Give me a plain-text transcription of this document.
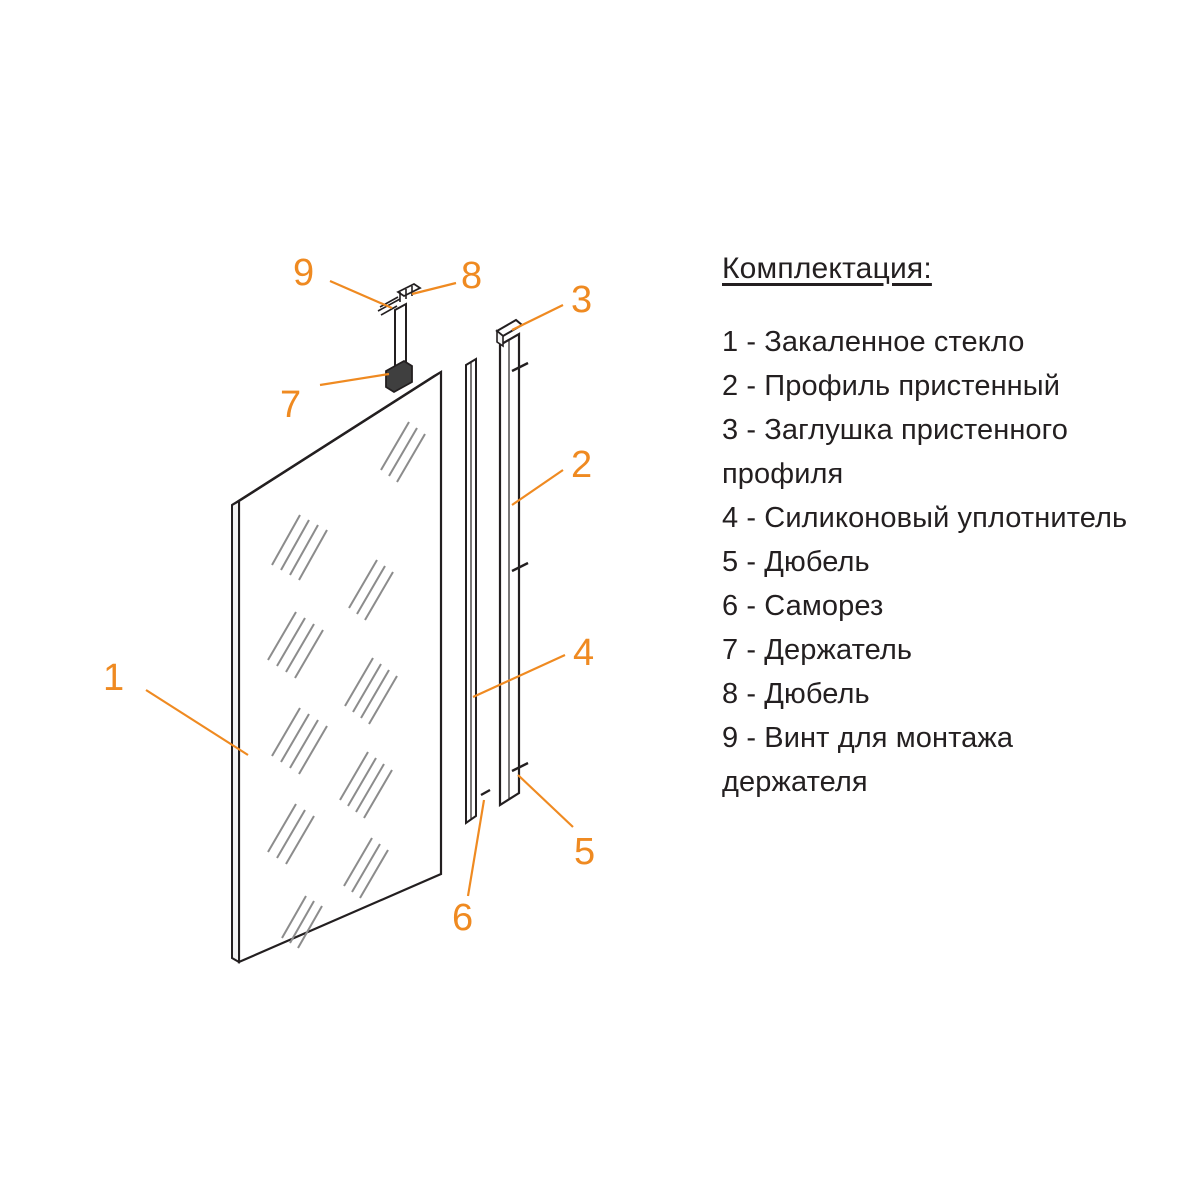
1
2
3
4
5
6
7
8
9	Комплектация:
1 - Закаленное стекло
2 - Профиль пристенный
3 - Заглушка пристенного профиля
4 - Силиконовый уплотнитель
5 - Дюбель
6 - Саморез
7 - Держатель
8 - Дюбель
9 - Винт для монтажа держателя
